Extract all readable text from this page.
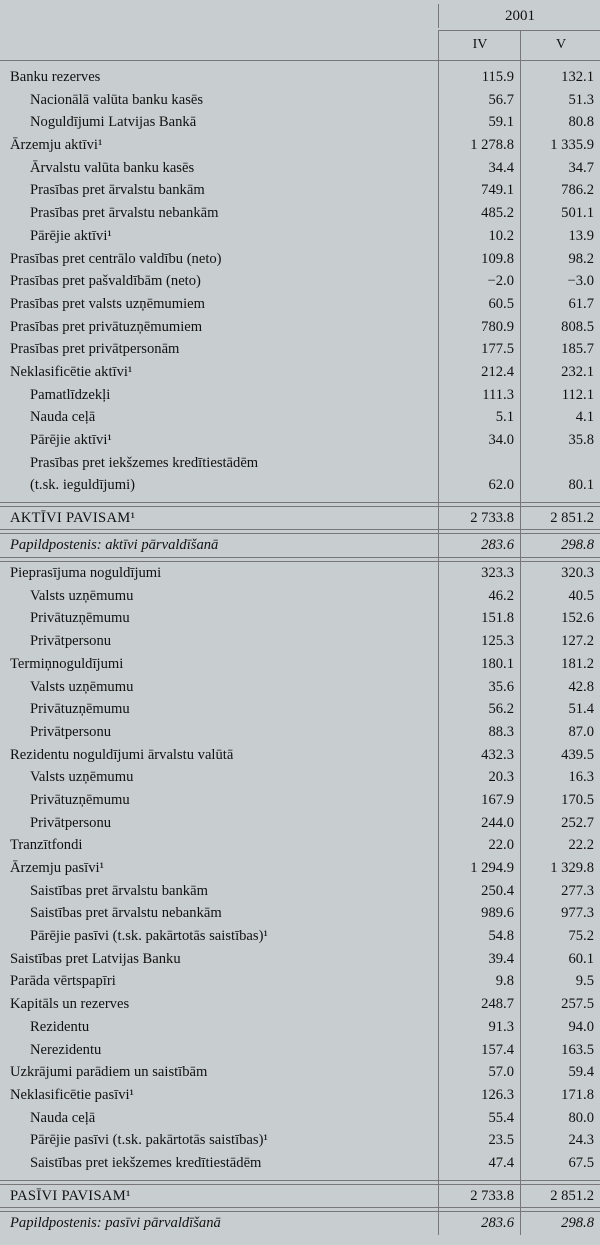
2001
IV	V
Banku rezerves	115.9	132.1
Nacionālā valūta banku kasēs	56.7	51.3
Noguldījumi Latvijas Bankā	59.1	80.8
Ārzemju aktīvi¹	1 278.8	1 335.9
Ārvalstu valūta banku kasēs	34.4	34.7
Prasības pret ārvalstu bankām	749.1	786.2
Prasības pret ārvalstu nebankām	485.2	501.1
Pārējie aktīvi¹	10.2	13.9
Prasības pret centrālo valdību (neto)	109.8	98.2
Prasības pret pašvaldībām (neto)	−2.0	−3.0
Prasības pret valsts uzņēmumiem	60.5	61.7
Prasības pret privātuzņēmumiem	780.9	808.5
Prasības pret privātpersonām	177.5	185.7
Neklasificētie aktīvi¹	212.4	232.1
Pamatlīdzekļi	111.3	112.1
Nauda ceļā	5.1	4.1
Pārējie aktīvi¹	34.0	35.8
Prasības pret iekšzemes kredītiestādēm
(t.sk. ieguldījumi)	62.0	80.1
AKTĪVI PAVISAM¹	2 733.8	2 851.2
Papildpostenis: aktīvi pārvaldīšanā	283.6	298.8
Pieprasījuma noguldījumi	323.3	320.3
Valsts uzņēmumu	46.2	40.5
Privātuzņēmumu	151.8	152.6
Privātpersonu	125.3	127.2
Termiņnoguldījumi	180.1	181.2
Valsts uzņēmumu	35.6	42.8
Privātuzņēmumu	56.2	51.4
Privātpersonu	88.3	87.0
Rezidentu noguldījumi ārvalstu valūtā	432.3	439.5
Valsts uzņēmumu	20.3	16.3
Privātuzņēmumu	167.9	170.5
Privātpersonu	244.0	252.7
Tranzītfondi	22.0	22.2
Ārzemju pasīvi¹	1 294.9	1 329.8
Saistības pret ārvalstu bankām	250.4	277.3
Saistības pret ārvalstu nebankām	989.6	977.3
Pārējie pasīvi (t.sk. pakārtotās saistības)¹	54.8	75.2
Saistības pret Latvijas Banku	39.4	60.1
Parāda vērtspapīri	9.8	9.5
Kapitāls un rezerves	248.7	257.5
Rezidentu	91.3	94.0
Nerezidentu	157.4	163.5
Uzkrājumi parādiem un saistībām	57.0	59.4
Neklasificētie pasīvi¹	126.3	171.8
Nauda ceļā	55.4	80.0
Pārējie pasīvi (t.sk. pakārtotās saistības)¹	23.5	24.3
Saistības pret iekšzemes kredītiestādēm	47.4	67.5
PASĪVI PAVISAM¹	2 733.8	2 851.2
Papildpostenis: pasīvi pārvaldīšanā	283.6	298.8
